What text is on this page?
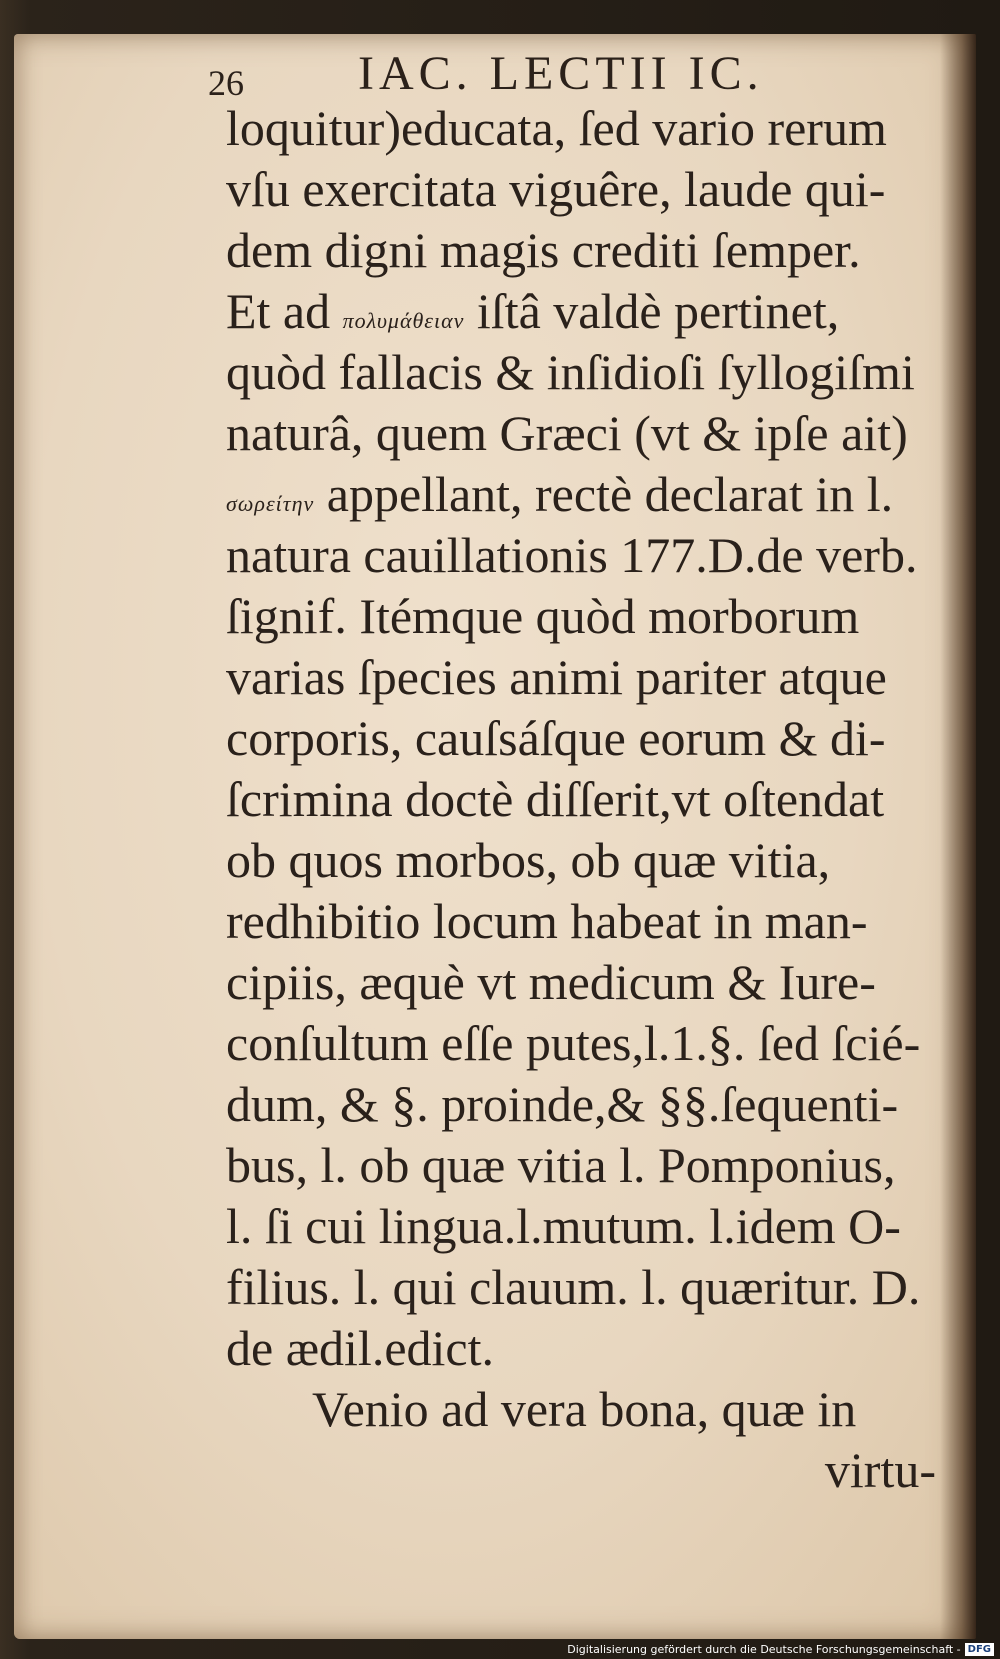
26 IAC. LECTII IC.
loquitur)educata, ſed vario rerum
vſu exercitata viguêre, laude qui-
dem digni magis crediti ſemper.
Et ad πολυμάθειαν iſtâ valdè pertinet,
quòd fallacis & inſidioſi ſyllogiſmi
naturâ, quem Græci (vt & ipſe ait)
σωρείτην appellant, rectè declarat in l.
natura cauillationis 177.D.de verb.
ſignif. Itémque quòd morborum
varias ſpecies animi pariter atque
corporis, cauſsáſque eorum & di-
ſcrimina doctè diſſerit,vt oſtendat
ob quos morbos, ob quæ vitia,
redhibitio locum habeat in man-
cipiis, æquè vt medicum & Iure-
conſultum eſſe putes,l.1.§. ſed ſcié-
dum, & §. proinde,& §§.ſequenti-
bus, l. ob quæ vitia l. Pomponius,
l. ſi cui lingua.l.mutum. l.idem O-
filius. l. qui clauum. l. quæritur. D.
de ædil.edict.
Venio ad vera bona, quæ in
virtu-
Digitalisierung gefördert durch die Deutsche Forschungsgemeinschaft - DFG
